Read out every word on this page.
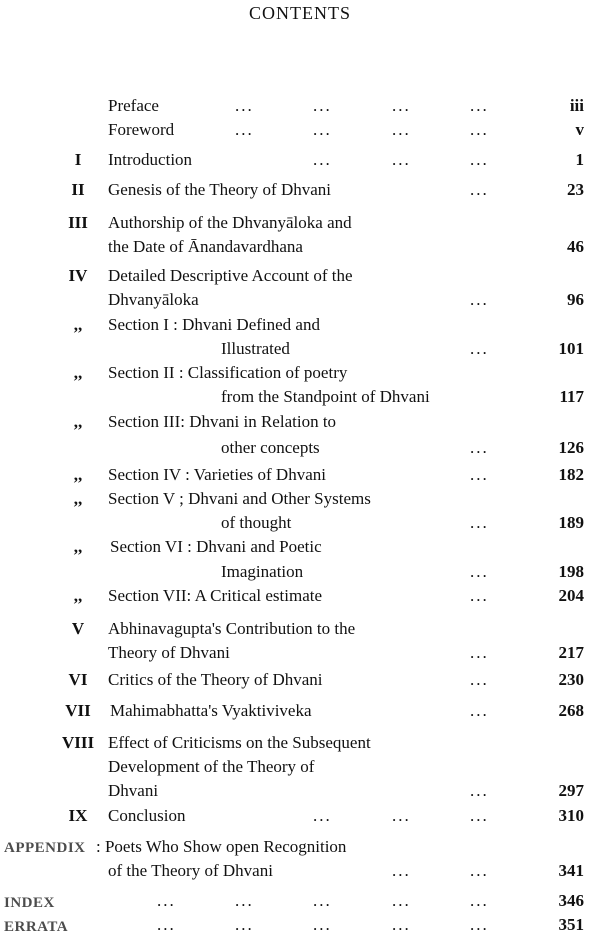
CONTENTS
Preface	...	...	...	...	iii
Foreword	...	...	...	...	v
I	Introduction	...	...	...	1
II	Genesis of the Theory of Dhvani	...	23
III	Authorship of the Dhvanyāloka and
the Date of Ānandavardhana	46
IV	Detailed Descriptive Account of the
Dhvanyāloka	...	96
,,	Section I : Dhvani Defined and
Illustrated	...	101
,,	Section II : Classification of poetry
from the Standpoint of Dhvani	117
,,	Section III: Dhvani in Relation to
other concepts	...	126
,,	Section IV : Varieties of Dhvani	...	182
,,	Section V ; Dhvani and Other Systems
of thought	...	189
,,	Section VI : Dhvani and Poetic
Imagination	...	198
,,	Section VII: A Critical estimate	...	204
V	Abhinavagupta's Contribution to the
Theory of Dhvani	...	217
VI	Critics of the Theory of Dhvani	...	230
VII	Mahimabhatta's Vyaktiviveka	...	268
VIII Effect of Criticisms on the Subsequent
Development of the Theory of
Dhvani	...	297
IX	Conclusion	...	...	...	310
APPENDIX : Poets Who Show open Recognition
of the Theory of Dhvani	...	...	341
INDEX	...	...	...	...	...	346
ERRATA	...	...	...	...	...	351
